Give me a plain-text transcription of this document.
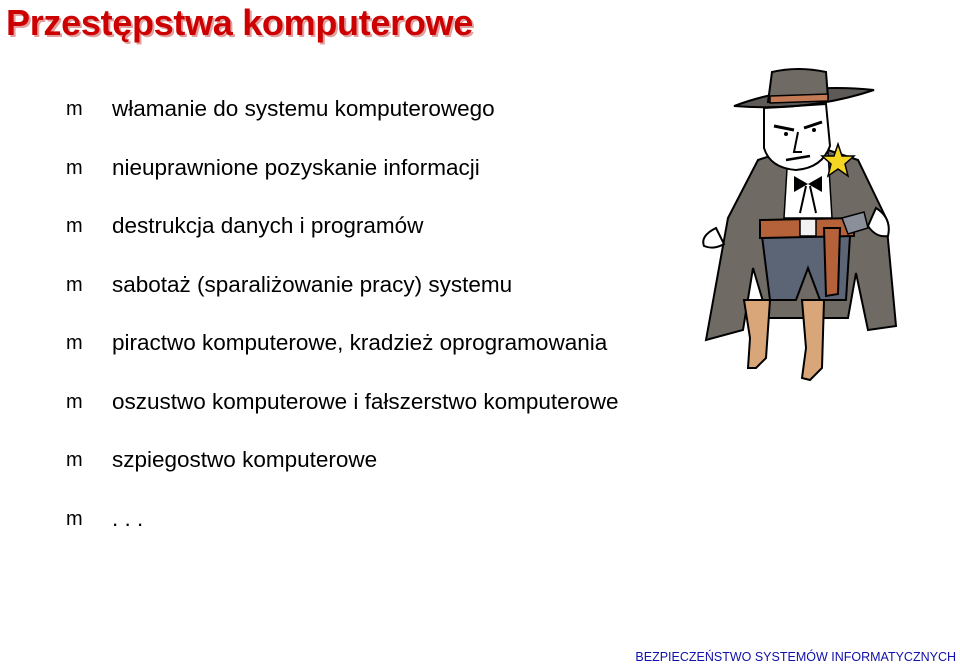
Przestępstwa komputerowe
m	włamanie do systemu komputerowego
m	nieuprawnione pozyskanie informacji
m	destrukcja danych i programów
m	sabotaż (sparaliżowanie pracy) systemu
m	piractwo komputerowe, kradzież oprogramowania
m	oszustwo komputerowe i fałszerstwo komputerowe
m	szpiegostwo komputerowe
m	. . .
BEZPIECZEŃSTWO SYSTEMÓW INFORMATYCZNYCH
